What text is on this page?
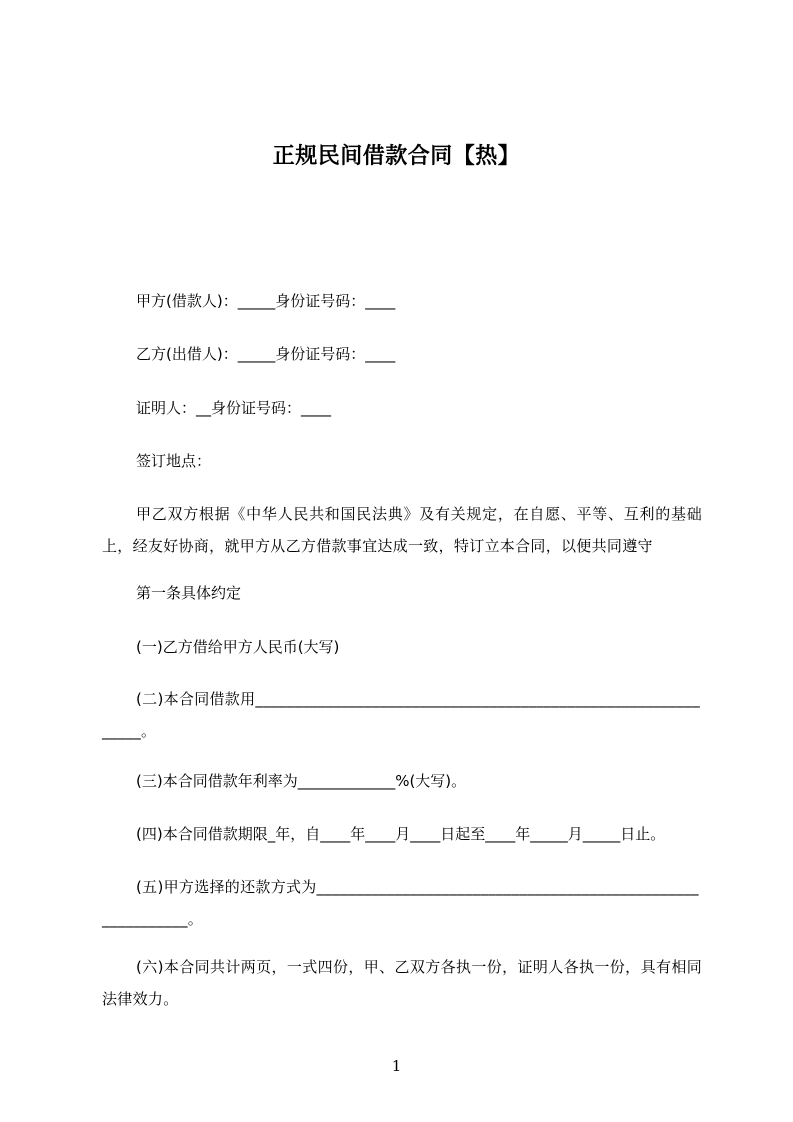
正规民间借款合同【热】
甲方(借款人)：_____身份证号码：____
乙方(出借人)：_____身份证号码：____
证明人：__身份证号码：____
签订地点：
甲乙双方根据《中华人民共和国民法典》及有关规定，在自愿、平等、互利的基础上，经友好协商，就甲方从乙方借款事宜达成一致，特订立本合同，以便共同遵守
第一条具体约定
(一)乙方借给甲方人民币(大写)
(二)本合同借款用______________________________________________________________。
(三)本合同借款年利率为_____________%(大写)。
(四)本合同借款期限_年，自____年____月____日起至____年_____月_____日止。
(五)甲方选择的还款方式为____________________________________________________________。
(六)本合同共计两页，一式四份，甲、乙双方各执一份，证明人各执一份，具有相同法律效力。
1
